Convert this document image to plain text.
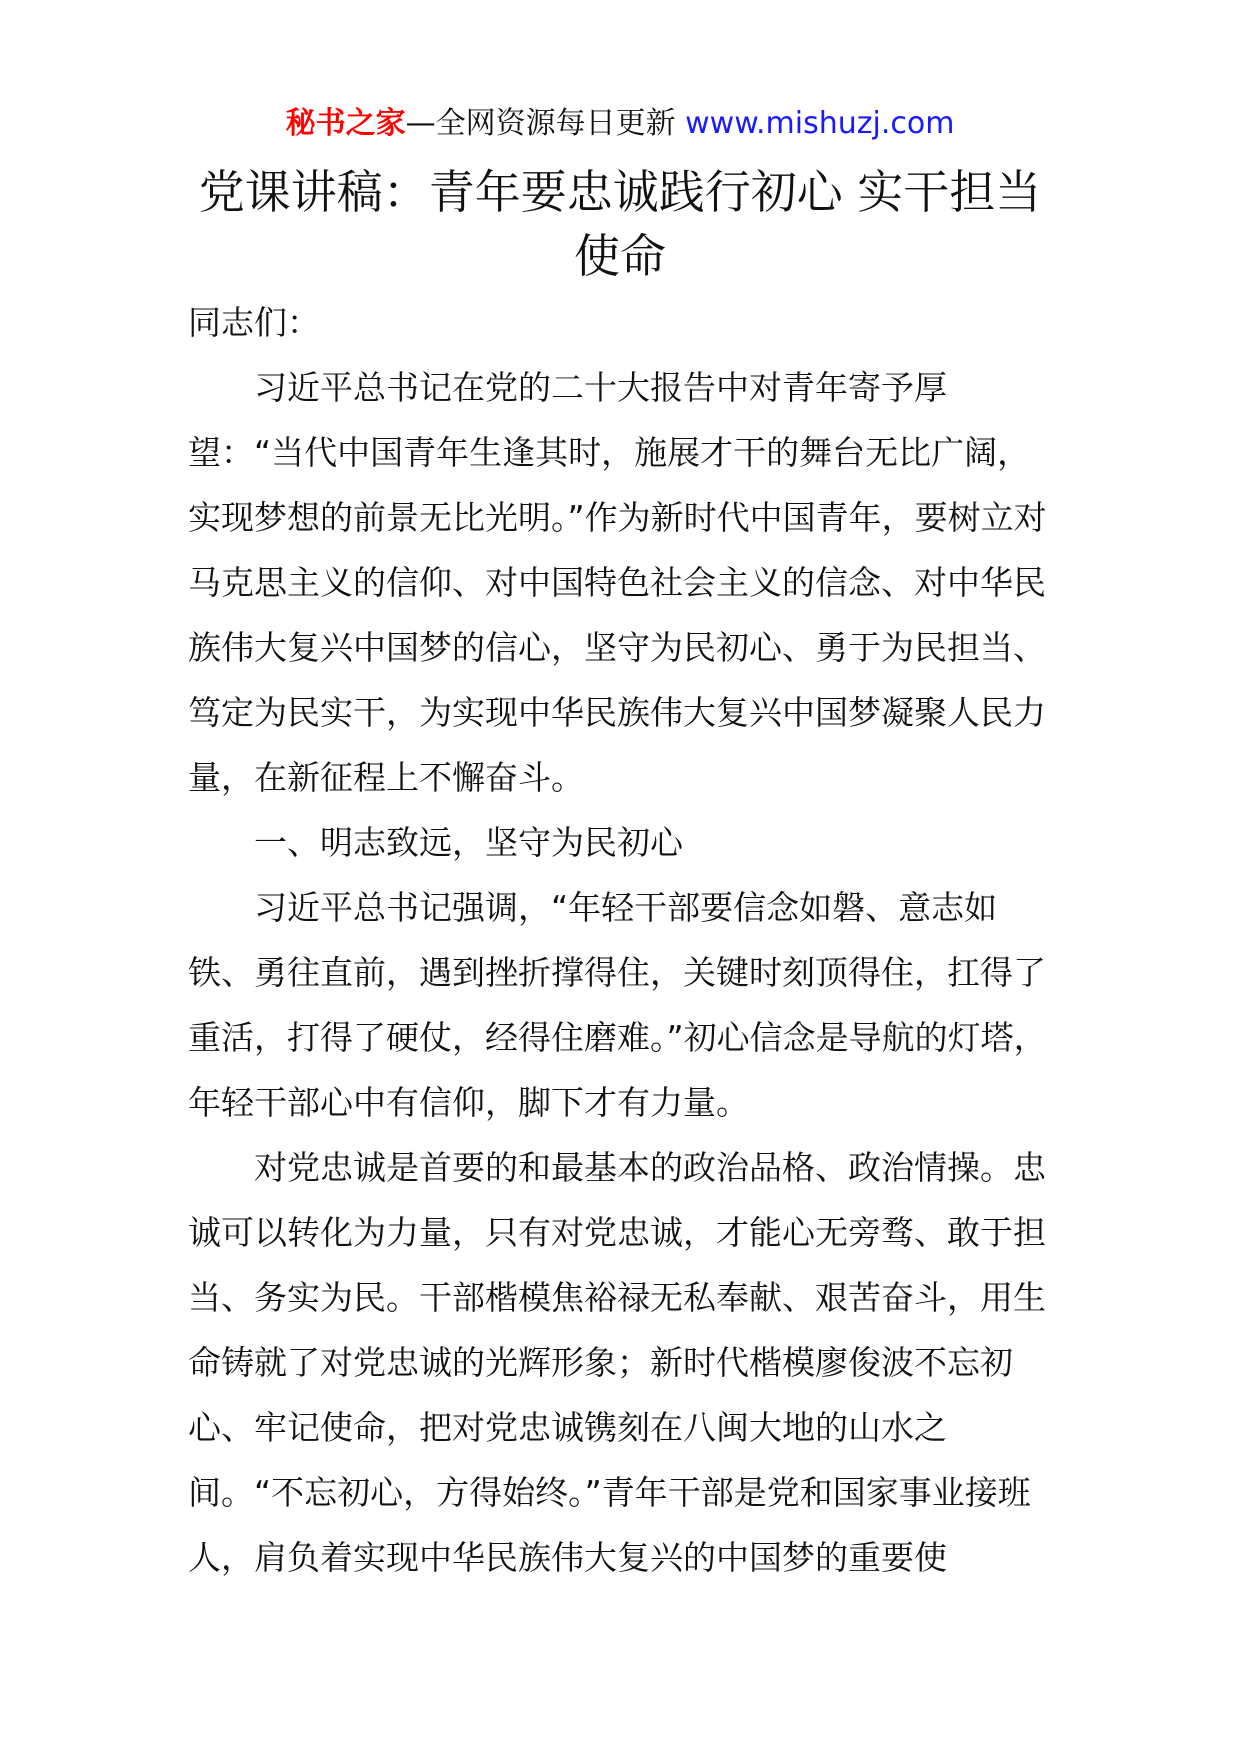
秘书之家—全网资源每日更新 www.mishuzj.com
党课讲稿：青年要忠诚践行初心 实干担当
使命

同志们：

习近平总书记在党的二十大报告中对青年寄予厚望：“当代中国青年生逢其时，施展才干的舞台无比广阔，实现梦想的前景无比光明。”作为新时代中国青年，要树立对马克思主义的信仰、对中国特色社会主义的信念、对中华民族伟大复兴中国梦的信心，坚守为民初心、勇于为民担当、笃定为民实干，为实现中华民族伟大复兴中国梦凝聚人民力量，在新征程上不懈奋斗。

一、明志致远，坚守为民初心

习近平总书记强调，“年轻干部要信念如磐、意志如铁、勇往直前，遇到挫折撑得住，关键时刻顶得住，扛得了重活，打得了硬仗，经得住磨难。”初心信念是导航的灯塔，年轻干部心中有信仰，脚下才有力量。

对党忠诚是首要的和最基本的政治品格、政治情操。忠诚可以转化为力量，只有对党忠诚，才能心无旁骛、敢于担当、务实为民。干部楷模焦裕禄无私奉献、艰苦奋斗，用生命铸就了对党忠诚的光辉形象；新时代楷模廖俊波不忘初心、牢记使命，把对党忠诚镌刻在八闽大地的山水之间。“不忘初心，方得始终。”青年干部是党和国家事业接班人，肩负着实现中华民族伟大复兴的中国梦的重要使
